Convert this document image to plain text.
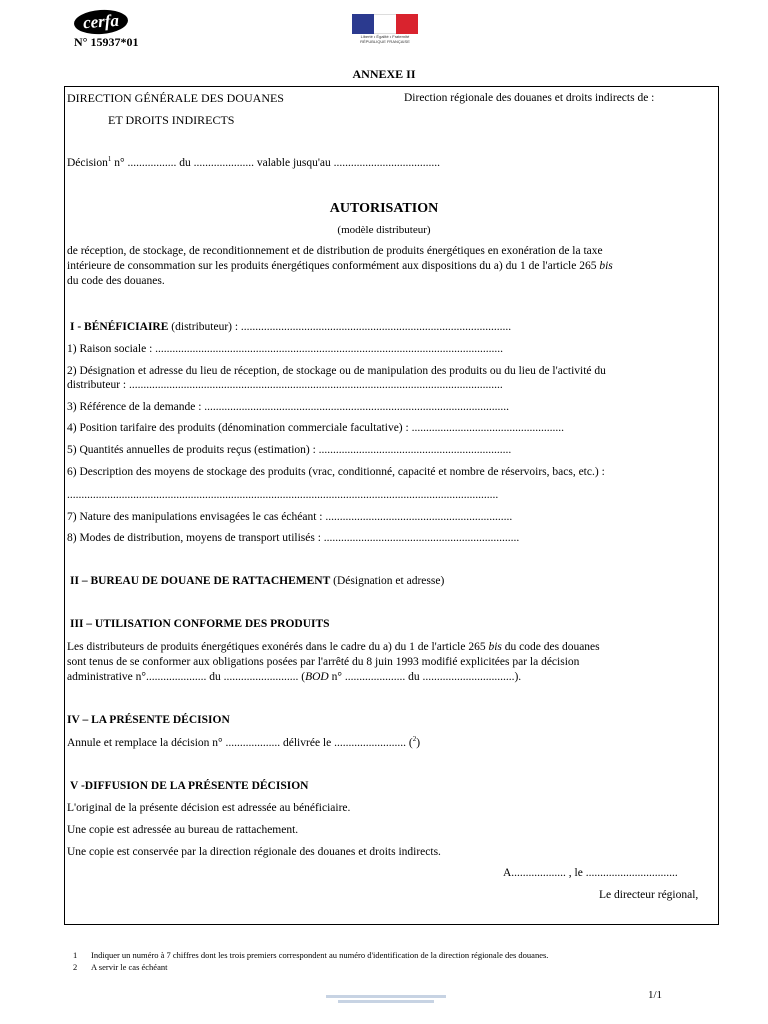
cerfa
N° 15937*01	Liberté • Égalité • Fraternité
RÉPUBLIQUE FRANÇAISE
ANNEXE II
DIRECTION GÉNÉRALE DES DOUANES
ET DROITS INDIRECTS
Direction régionale des douanes et droits indirects de :
Décision$^1$ n° ................. du ..................... valable jusqu'au .....................................
AUTORISATION
(modèle distributeur)
de réception, de stockage, de reconditionnement et de distribution de produits énergétiques en exonération de la taxe
intérieure de consommation sur les produits énergétiques conformément aux dispositions du a) du 1 de l'article 265 bis
du code des douanes.
I - BÉNÉFICIAIRE (distributeur) : ..............................................................................................
1) Raison sociale : .........................................................................................................................
2) Désignation et adresse du lieu de réception, de stockage ou de manipulation des produits ou du lieu de l'activité du
distributeur : ..................................................................................................................................
3) Référence de la demande : ..........................................................................................................
4) Position tarifaire des produits (dénomination commerciale facultative) : .....................................................
5) Quantités annuelles de produits reçus (estimation) : ...................................................................
6) Description des moyens de stockage des produits (vrac, conditionné, capacité et nombre de réservoirs, bacs, etc.) :
......................................................................................................................................................
7) Nature des manipulations envisagées le cas échéant : .................................................................
8) Modes de distribution, moyens de transport utilisés : ....................................................................
II – BUREAU DE DOUANE DE RATTACHEMENT (Désignation et adresse)
III – UTILISATION CONFORME DES PRODUITS
Les distributeurs de produits énergétiques exonérés dans le cadre du a) du 1 de l'article 265 bis du code des douanes
sont tenus de se conformer aux obligations posées par l'arrêté du 8 juin 1993 modifié explicitées par la décision
administrative n°..................... du .......................... (BOD n° ..................... du ................................).
IV – LA PRÉSENTE DÉCISION
Annule et remplace la décision n° ................... délivrée le ......................... ($^2$)
V -DIFFUSION DE LA PRÉSENTE DÉCISION
L'original de la présente décision est adressée au bénéficiaire.
Une copie est adressée au bureau de rattachement.
Une copie est conservée par la direction régionale des douanes et droits indirects.
A................... , le ................................
Le directeur régional,
1 Indiquer un numéro à 7 chiffres dont les trois premiers correspondent au numéro d'identification de la direction régionale des douanes.
2 A servir le cas échéant
1/1
